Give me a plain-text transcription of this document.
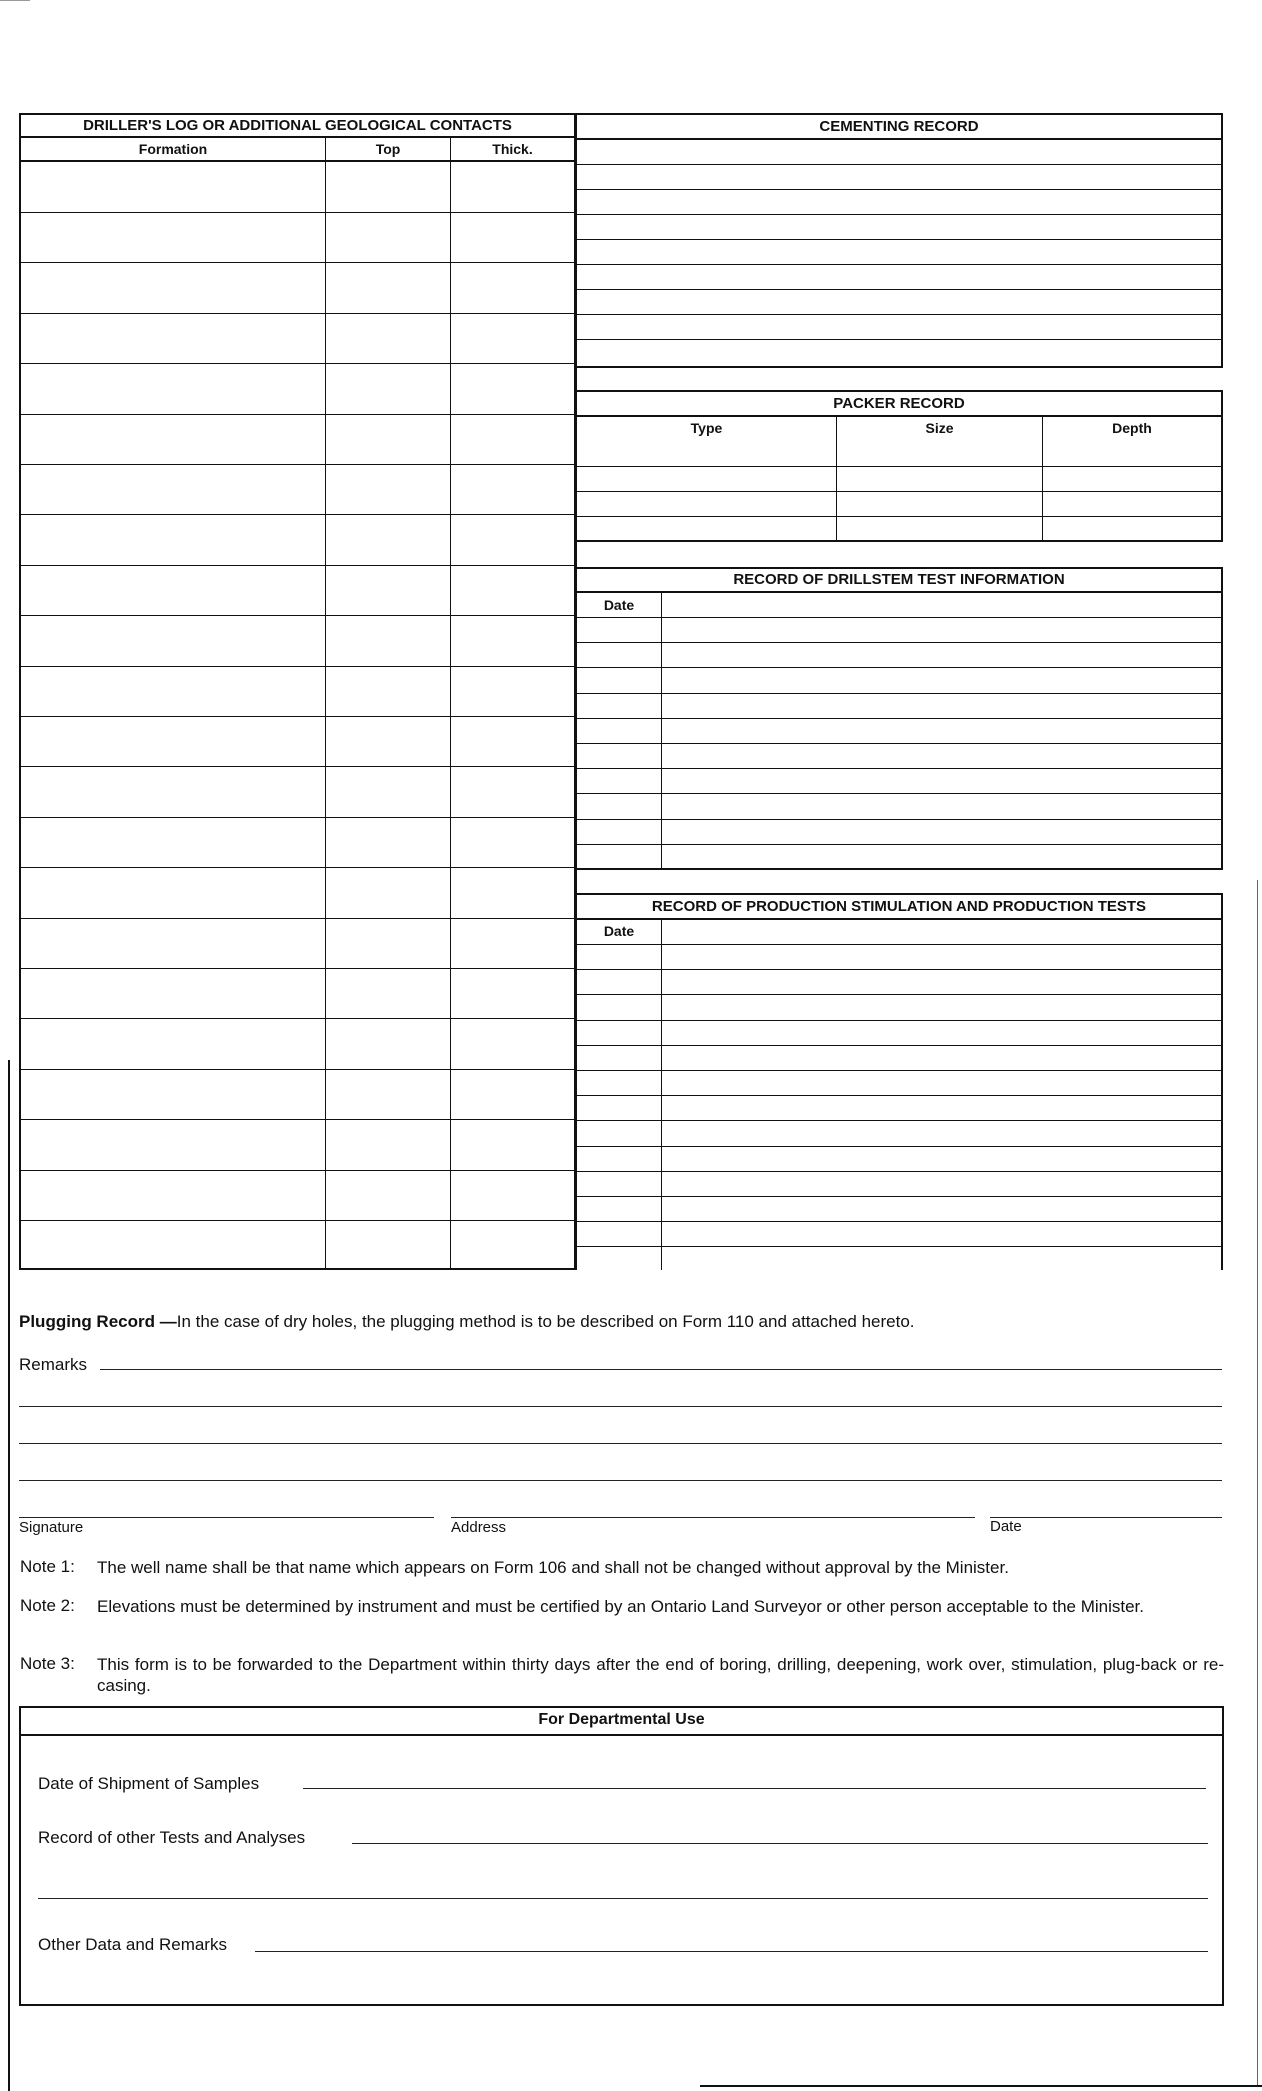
DRILLER'S LOG OR ADDITIONAL GEOLOGICAL CONTACTS
Formation	Top	Thick.
CEMENTING RECORD
PACKER RECORD
Type	Size	Depth
RECORD OF DRILLSTEM TEST INFORMATION
Date
RECORD OF PRODUCTION STIMULATION AND PRODUCTION TESTS
Date
Plugging Record —In the case of dry holes, the plugging method is to be described on Form 110 and attached hereto.
Remarks
Signature	Address	Date
Note 1: The well name shall be that name which appears on Form 106 and shall not be changed without approval by the Minister.
Note 2: Elevations must be determined by instrument and must be certified by an Ontario Land Surveyor or other person acceptable to the Minister.
Note 3: This form is to be forwarded to the Department within thirty days after the end of boring, drilling, deepening, work over, stimulation, plug-back or re-casing.
For Departmental Use
Date of Shipment of Samples
Record of other Tests and Analyses
Other Data and Remarks
